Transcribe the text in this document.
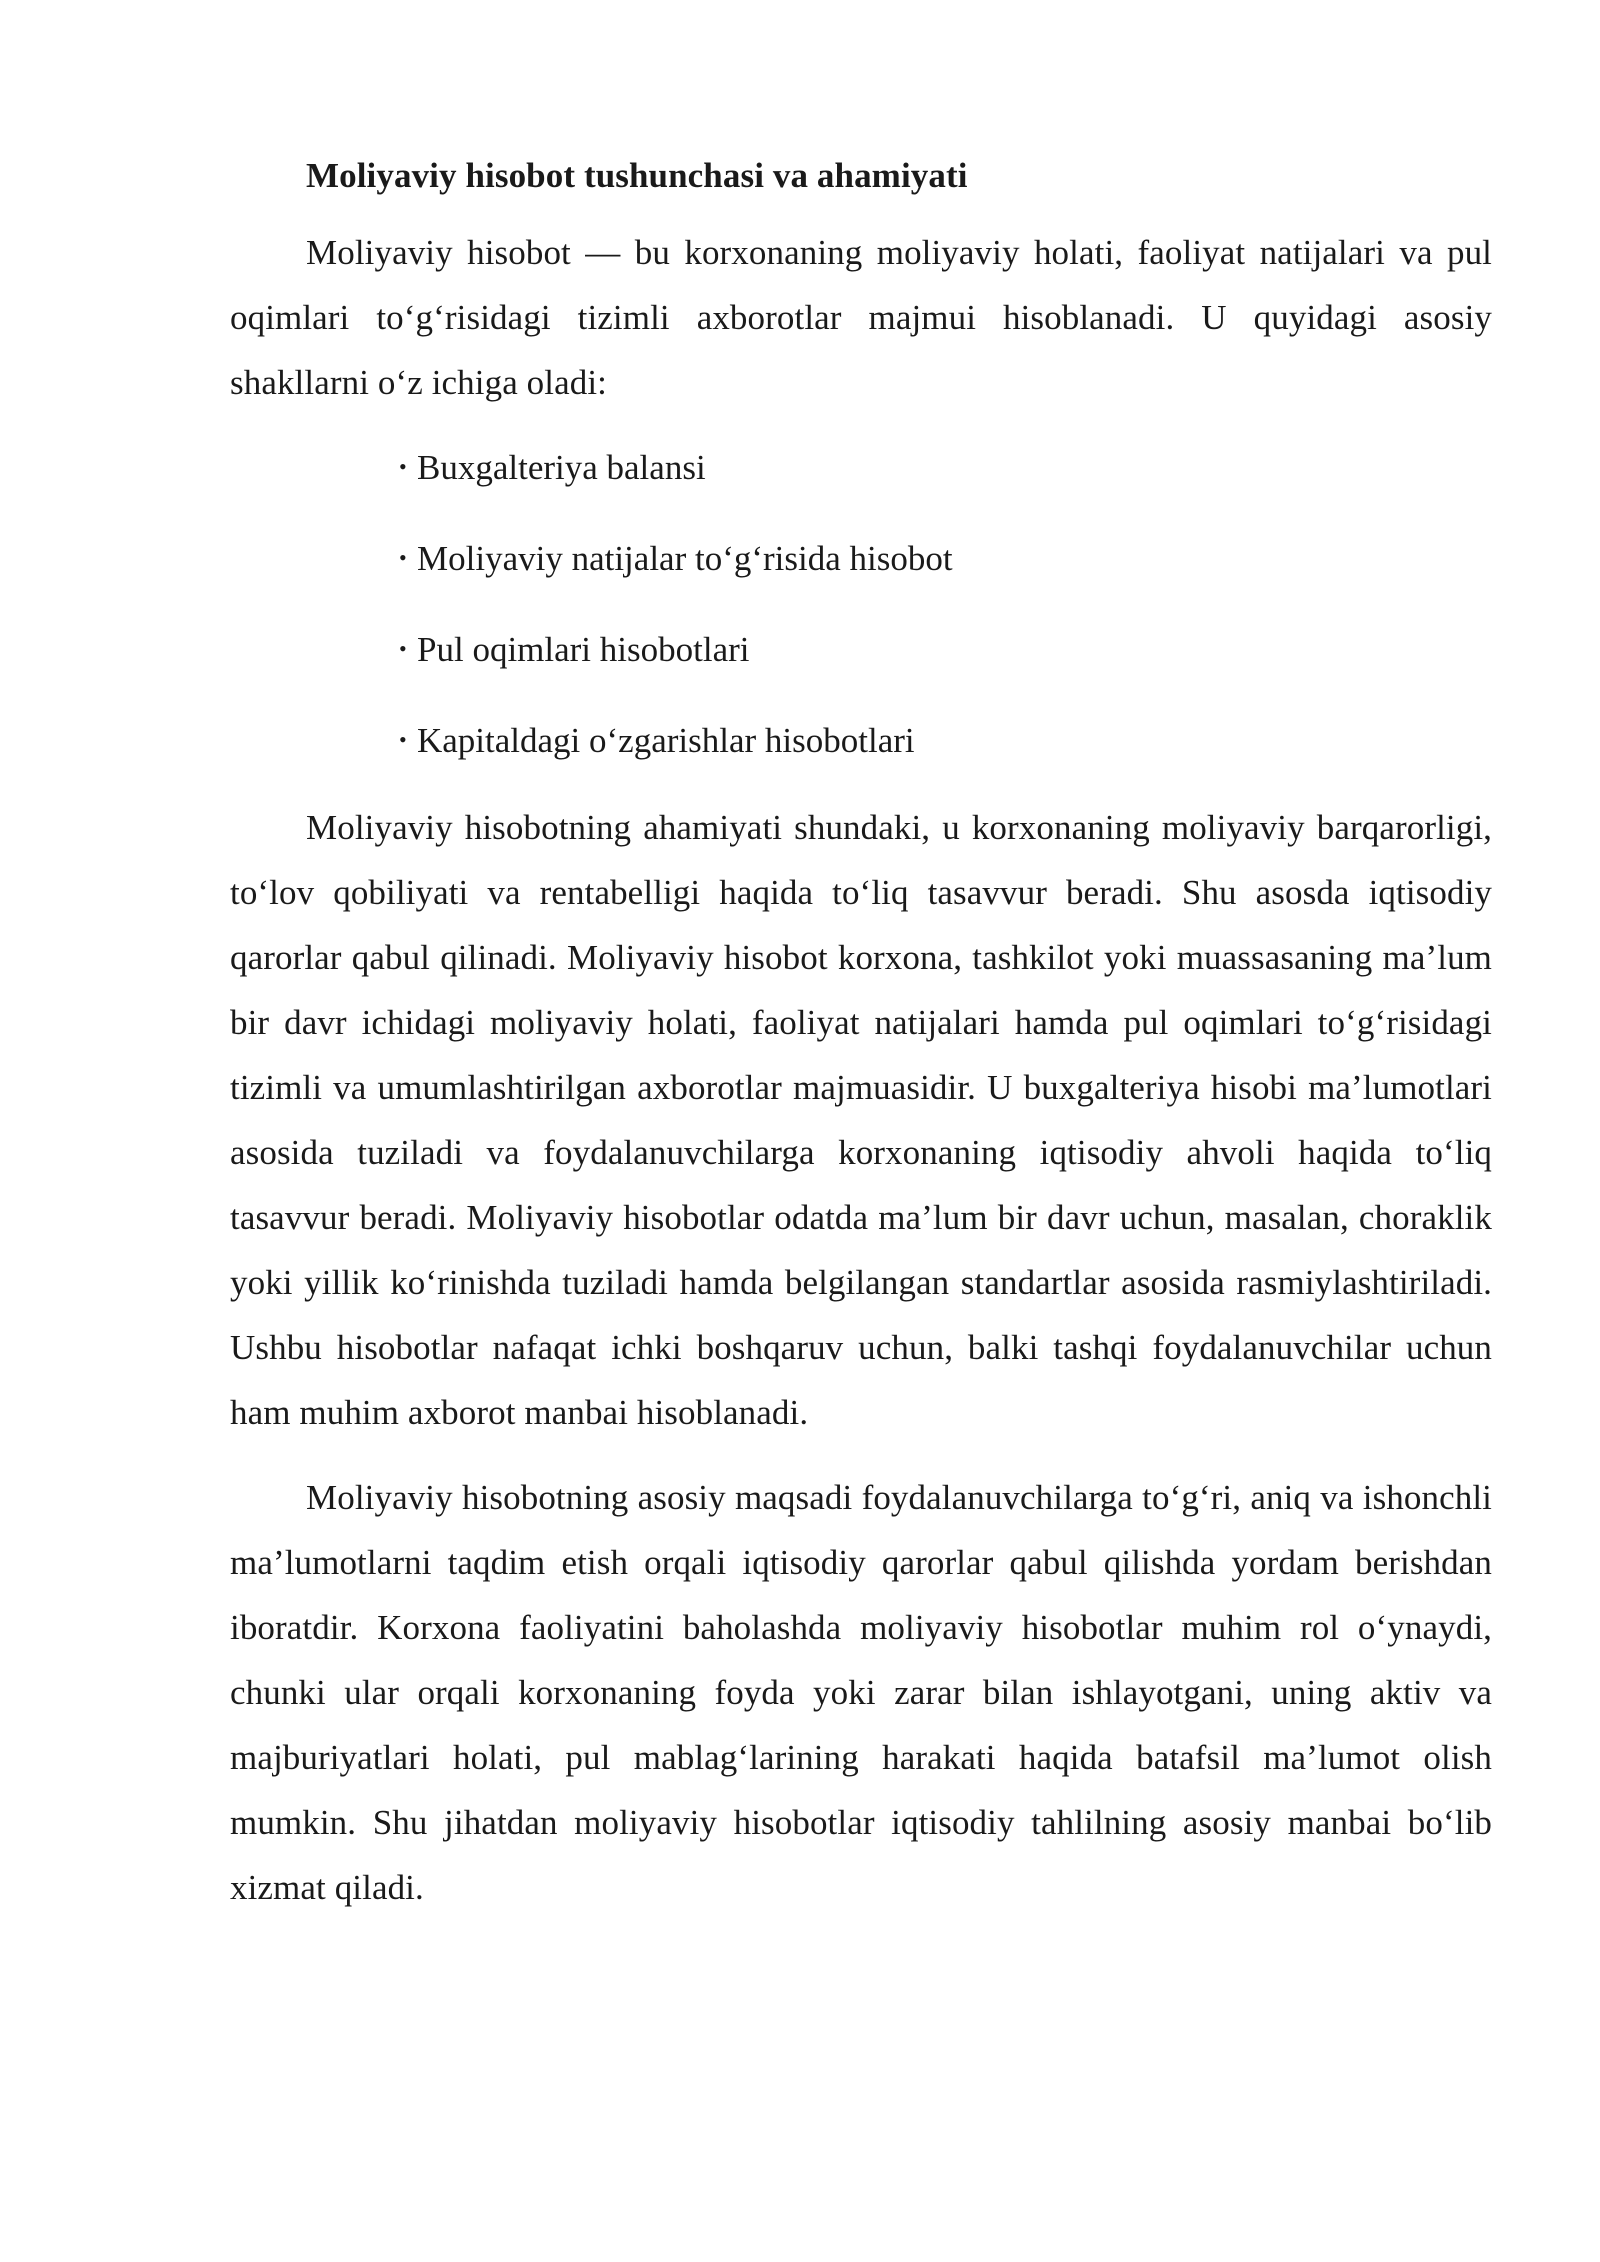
Moliyaviy hisobot tushunchasi va ahamiyati

Moliyaviy hisobot — bu korxonaning moliyaviy holati, faoliyat natijalari va pul oqimlari to‘g‘risidagi tizimli axborotlar majmui hisoblanadi. U quyidagi asosiy shakllarni o‘z ichiga oladi:

• Buxgalteriya balansi
• Moliyaviy natijalar to‘g‘risida hisobot
• Pul oqimlari hisobotlari
• Kapitaldagi o‘zgarishlar hisobotlari

Moliyaviy hisobotning ahamiyati shundaki, u korxonaning moliyaviy barqarorligi, to‘lov qobiliyati va rentabelligi haqida to‘liq tasavvur beradi. Shu asosda iqtisodiy qarorlar qabul qilinadi. Moliyaviy hisobot korxona, tashkilot yoki muassasaning ma’lum bir davr ichidagi moliyaviy holati, faoliyat natijalari hamda pul oqimlari to‘g‘risidagi tizimli va umumlashtirilgan axborotlar majmuasidir. U buxgalteriya hisobi ma’lumotlari asosida tuziladi va foydalanuvchilarga korxonaning iqtisodiy ahvoli haqida to‘liq tasavvur beradi. Moliyaviy hisobotlar odatda ma’lum bir davr uchun, masalan, choraklik yoki yillik ko‘rinishda tuziladi hamda belgilangan standartlar asosida rasmiylashtiriladi. Ushbu hisobotlar nafaqat ichki boshqaruv uchun, balki tashqi foydalanuvchilar uchun ham muhim axborot manbai hisoblanadi.

Moliyaviy hisobotning asosiy maqsadi foydalanuvchilarga to‘g‘ri, aniq va ishonchli ma’lumotlarni taqdim etish orqali iqtisodiy qarorlar qabul qilishda yordam berishdan iboratdir. Korxona faoliyatini baholashda moliyaviy hisobotlar muhim rol o‘ynaydi, chunki ular orqali korxonaning foyda yoki zarar bilan ishlayotgani, uning aktiv va majburiyatlari holati, pul mablag‘larining harakati haqida batafsil ma’lumot olish mumkin. Shu jihatdan moliyaviy hisobotlar iqtisodiy tahlilning asosiy manbai bo‘lib xizmat qiladi.
